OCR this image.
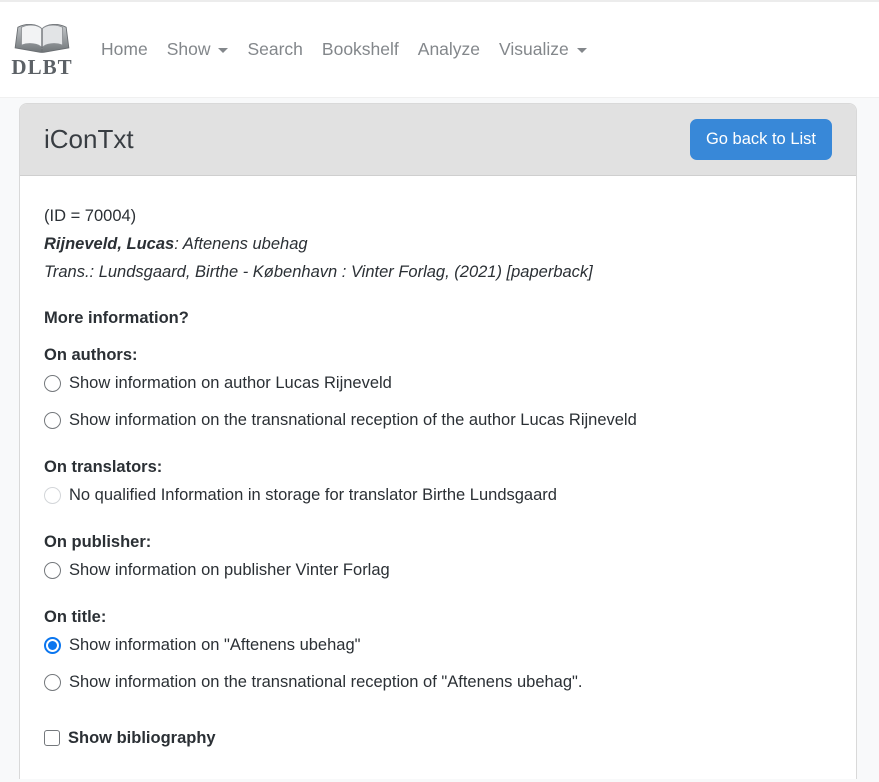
DLBT
Home Show Search Bookshelf Analyze Visualize
iConTxt	Go back to List
(ID = 70004)
Rijneveld, Lucas: Aftenens ubehag
Trans.: Lundsgaard, Birthe - København : Vinter Forlag, (2021) [paperback]
More information?
On authors:
Show information on author Lucas Rijneveld
Show information on the transnational reception of the author Lucas Rijneveld
On translators:
No qualified Information in storage for translator Birthe Lundsgaard
On publisher:
Show information on publisher Vinter Forlag
On title:
Show information on "Aftenens ubehag"
Show information on the transnational reception of "Aftenens ubehag".
Show bibliography
